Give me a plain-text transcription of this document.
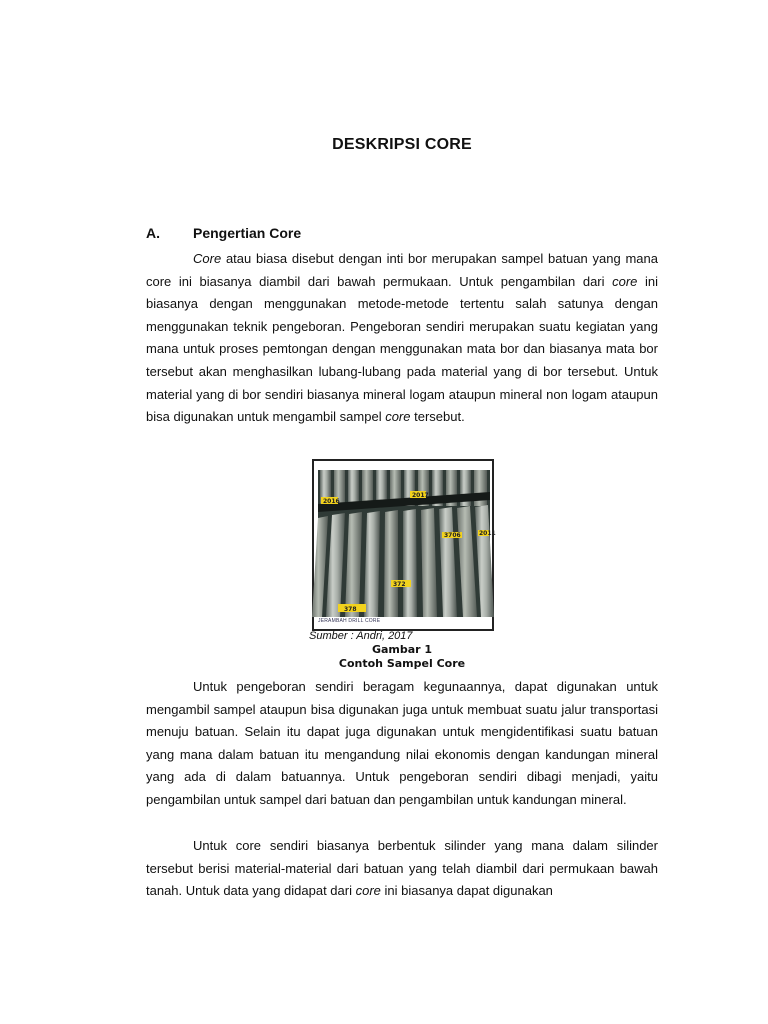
DESKRIPSI CORE
A. Pengertian Core

Core atau biasa disebut dengan inti bor merupakan sampel batuan yang mana core ini biasanya diambil dari bawah permukaan. Untuk pengambilan dari core ini biasanya dengan menggunakan metode-metode tertentu salah satunya dengan menggunakan teknik pengeboran. Pengeboran sendiri merupakan suatu kegiatan yang mana untuk proses pemtongan dengan menggunakan mata bor dan biasanya mata bor tersebut akan menghasilkan lubang-lubang pada material yang di bor tersebut. Untuk material yang di bor sendiri biasanya mineral logam ataupun mineral non logam ataupun bisa digunakan untuk mengambil sampel core tersebut.

2016
2017
3706	2011
372
378
JERAMBAH DRILL CORE
Sumber : Andri, 2017
Gambar 1
Contoh Sampel Core

Untuk pengeboran sendiri beragam kegunaannya, dapat digunakan untuk mengambil sampel ataupun bisa digunakan juga untuk membuat suatu jalur transportasi menuju batuan. Selain itu dapat juga digunakan untuk mengidentifikasi suatu batuan yang mana dalam batuan itu mengandung nilai ekonomis dengan kandungan mineral yang ada di dalam batuannya. Untuk pengeboran sendiri dibagi menjadi, yaitu pengambilan untuk sampel dari batuan dan pengambilan untuk kandungan mineral.

Untuk core sendiri biasanya berbentuk silinder yang mana dalam silinder tersebut berisi material-material dari batuan yang telah diambil dari permukaan bawah tanah. Untuk data yang didapat dari core ini biasanya dapat digunakan
